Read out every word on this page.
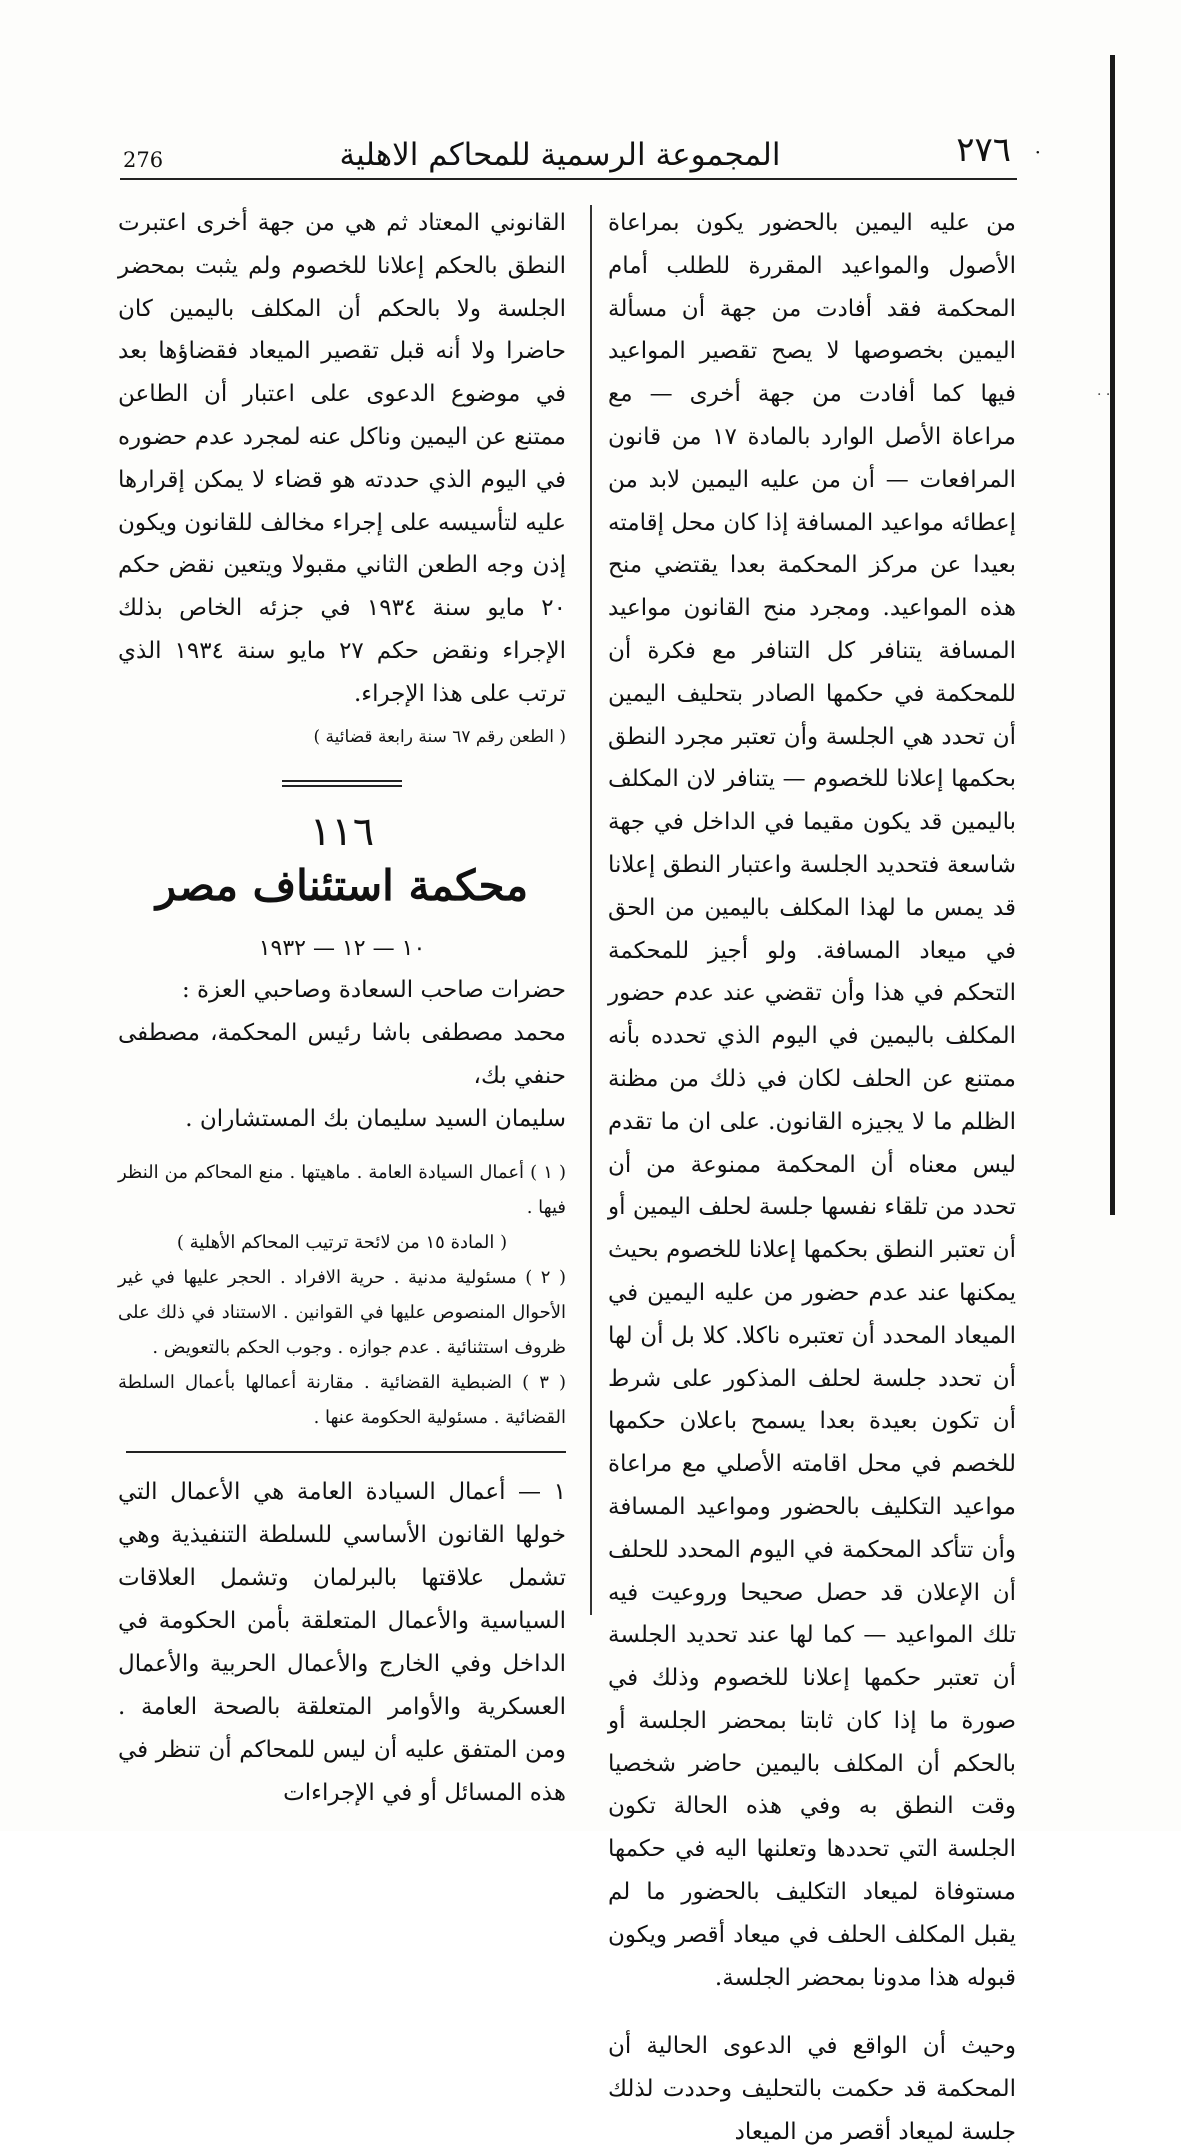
· ·
276	المجموعة الرسمية للمحاكم الاهلية	٢٧٦ ·

من عليه اليمين بالحضور يكون بمراعاة الأصول والمواعيد المقررة للطلب أمام المحكمة فقد أفادت من جهة أن مسألة اليمين بخصوصها لا يصح تقصير المواعيد فيها كما أفادت من جهة أخرى — مع مراعاة الأصل الوارد بالمادة ١٧ من قانون المرافعات — أن من عليه اليمين لابد من إعطائه مواعيد المسافة إذا كان محل إقامته بعيدا عن مركز المحكمة بعدا يقتضي منح هذه المواعيد. ومجرد منح القانون مواعيد المسافة يتنافر كل التنافر مع فكرة أن للمحكمة في حكمها الصادر بتحليف اليمين أن تحدد هي الجلسة وأن تعتبر مجرد النطق بحكمها إعلانا للخصوم — يتنافر لان المكلف باليمين قد يكون مقيما في الداخل في جهة شاسعة فتحديد الجلسة واعتبار النطق إعلانا قد يمس ما لهذا المكلف باليمين من الحق في ميعاد المسافة. ولو أجيز للمحكمة التحكم في هذا وأن تقضي عند عدم حضور المكلف باليمين في اليوم الذي تحدده بأنه ممتنع عن الحلف لكان في ذلك من مظنة الظلم ما لا يجيزه القانون. على ان ما تقدم ليس معناه أن المحكمة ممنوعة من أن تحدد من تلقاء نفسها جلسة لحلف اليمين أو أن تعتبر النطق بحكمها إعلانا للخصوم بحيث يمكنها عند عدم حضور من عليه اليمين في الميعاد المحدد أن تعتبره ناكلا. كلا بل أن لها أن تحدد جلسة لحلف المذكور على شرط أن تكون بعيدة بعدا يسمح باعلان حكمها للخصم في محل اقامته الأصلي مع مراعاة مواعيد التكليف بالحضور ومواعيد المسافة وأن تتأكد المحكمة في اليوم المحدد للحلف أن الإعلان قد حصل صحيحا وروعيت فيه تلك المواعيد — كما لها عند تحديد الجلسة أن تعتبر حكمها إعلانا للخصوم وذلك في صورة ما إذا كان ثابتا بمحضر الجلسة أو بالحكم أن المكلف باليمين حاضر شخصيا وقت النطق به وفي هذه الحالة تكون الجلسة التي تحددها وتعلنها اليه في حكمها مستوفاة لميعاد التكليف بالحضور ما لم يقبل المكلف الحلف في ميعاد أقصر ويكون قبوله هذا مدونا بمحضر الجلسة.

وحيث أن الواقع في الدعوى الحالية أن المحكمة قد حكمت بالتحليف وحددت لذلك جلسة لميعاد أقصر من الميعاد

القانوني المعتاد ثم هي من جهة أخرى اعتبرت النطق بالحكم إعلانا للخصوم ولم يثبت بمحضر الجلسة ولا بالحكم أن المكلف باليمين كان حاضرا ولا أنه قبل تقصير الميعاد فقضاؤها بعد في موضوع الدعوى على اعتبار أن الطاعن ممتنع عن اليمين وناكل عنه لمجرد عدم حضوره في اليوم الذي حددته هو قضاء لا يمكن إقرارها عليه لتأسيسه على إجراء مخالف للقانون ويكون إذن وجه الطعن الثاني مقبولا ويتعين نقض حكم ٢٠ مايو سنة ١٩٣٤ في جزئه الخاص بذلك الإجراء ونقض حكم ٢٧ مايو سنة ١٩٣٤ الذي ترتب على هذا الإجراء.

( الطعن رقم ٦٧ سنة رابعة قضائية )

١١٦
محكمة استئناف مصر
١٠ — ١٢ — ١٩٣٢

حضرات صاحب السعادة وصاحبي العزة :

محمد مصطفى باشا رئيس المحكمة، مصطفى حنفي بك،

سليمان السيد سليمان بك المستشاران .

( ١ ) أعمال السيادة العامة . ماهيتها . منع المحاكم من النظر فيها .

( المادة ١٥ من لائحة ترتيب المحاكم الأهلية )

( ٢ ) مسئولية مدنية . حرية الافراد . الحجر عليها في غير الأحوال المنصوص عليها في القوانين . الاستناد في ذلك على ظروف استثنائية . عدم جوازه . وجوب الحكم بالتعويض .

( ٣ ) الضبطية القضائية . مقارنة أعمالها بأعمال السلطة القضائية . مسئولية الحكومة عنها .

١ — أعمال السيادة العامة هي الأعمال التي خولها القانون الأساسي للسلطة التنفيذية وهي تشمل علاقتها بالبرلمان وتشمل العلاقات السياسية والأعمال المتعلقة بأمن الحكومة في الداخل وفي الخارج والأعمال الحربية والأعمال العسكرية والأوامر المتعلقة بالصحة العامة . ومن المتفق عليه أن ليس للمحاكم أن تنظر في هذه المسائل أو في الإجراءات
